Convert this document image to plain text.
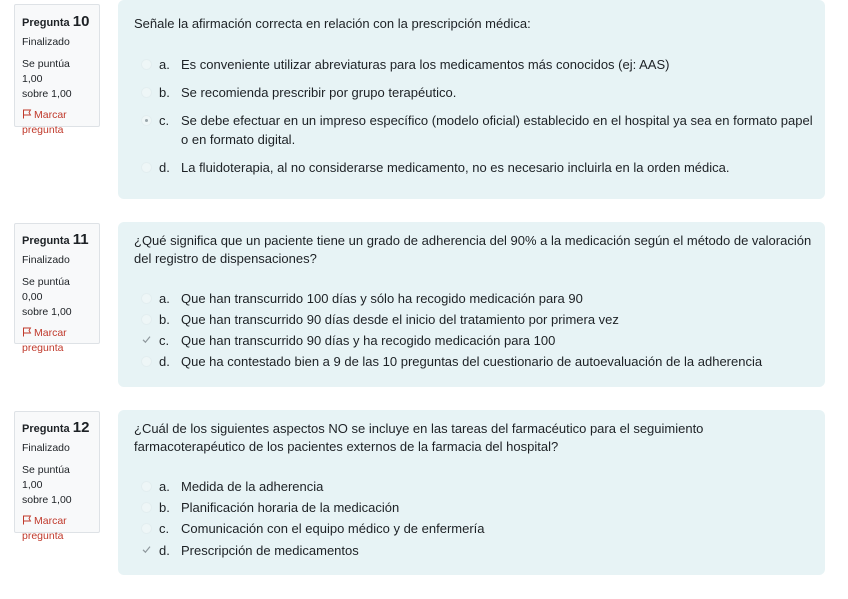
Pregunta 10
Finalizado
Se puntúa 1,00
sobre 1,00
Marcar
pregunta
Señale la afirmación correcta en relación con la prescripción médica:
a. Es conveniente utilizar abreviaturas para los medicamentos más conocidos (ej: AAS)
b. Se recomienda prescribir por grupo terapéutico.
c. Se debe efectuar en un impreso específico (modelo oficial) establecido en el hospital ya sea en formato papel o en formato digital.
d. La fluidoterapia, al no considerarse medicamento, no es necesario incluirla en la orden médica.
Pregunta 11
Finalizado
Se puntúa 0,00
sobre 1,00
Marcar
pregunta
¿Qué significa que un paciente tiene un grado de adherencia del 90% a la medicación según el método de valoración del registro de dispensaciones?
a. Que han transcurrido 100 días y sólo ha recogido medicación para 90
b. Que han transcurrido 90 días desde el inicio del tratamiento por primera vez
c. Que han transcurrido 90 días y ha recogido medicación para 100
d. Que ha contestado bien a 9 de las 10 preguntas del cuestionario de autoevaluación de la adherencia
Pregunta 12
Finalizado
Se puntúa 1,00
sobre 1,00
Marcar
pregunta
¿Cuál de los siguientes aspectos NO se incluye en las tareas del farmacéutico para el seguimiento farmacoterapéutico de los pacientes externos de la farmacia del hospital?
a. Medida de la adherencia
b. Planificación horaria de la medicación
c. Comunicación con el equipo médico y de enfermería
d. Prescripción de medicamentos
